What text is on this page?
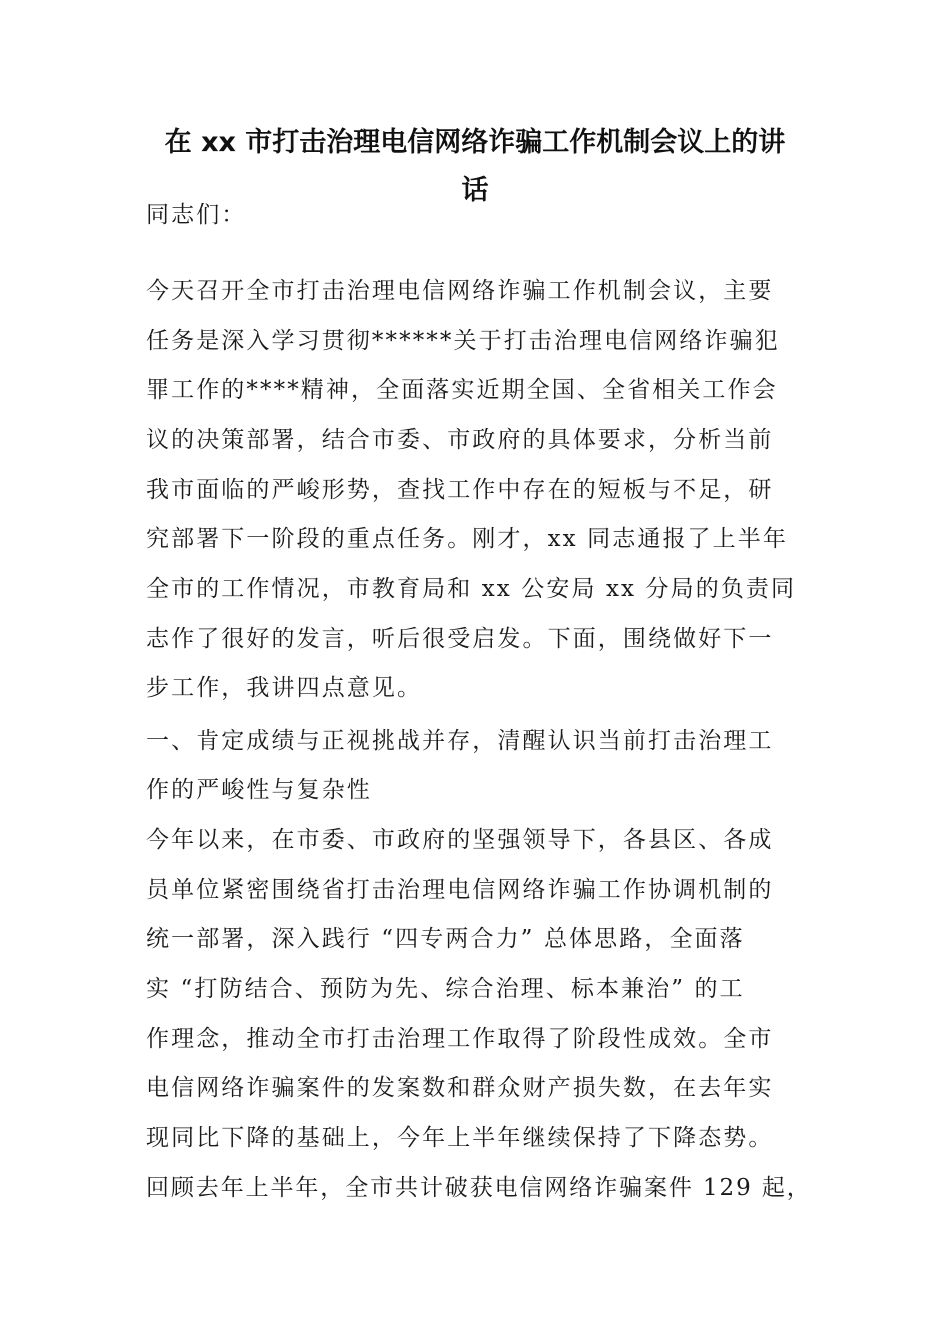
在 xx 市打击治理电信网络诈骗工作机制会议上的讲
话

同志们：

今天召开全市打击治理电信网络诈骗工作机制会议，主要

任务是深入学习贯彻******关于打击治理电信网络诈骗犯

罪工作的****精神，全面落实近期全国、全省相关工作会

议的决策部署，结合市委、市政府的具体要求，分析当前

我市面临的严峻形势，查找工作中存在的短板与不足，研

究部署下一阶段的重点任务。刚才，xx 同志通报了上半年

全市的工作情况，市教育局和 xx 公安局 xx 分局的负责同

志作了很好的发言，听后很受启发。下面，围绕做好下一

步工作，我讲四点意见。

一、肯定成绩与正视挑战并存，清醒认识当前打击治理工

作的严峻性与复杂性

今年以来，在市委、市政府的坚强领导下，各县区、各成

员单位紧密围绕省打击治理电信网络诈骗工作协调机制的

统一部署，深入践行 “四专两合力” 总体思路，全面落

实 “打防结合、预防为先、综合治理、标本兼治” 的工

作理念，推动全市打击治理工作取得了阶段性成效。全市

电信网络诈骗案件的发案数和群众财产损失数，在去年实

现同比下降的基础上，今年上半年继续保持了下降态势。

回顾去年上半年，全市共计破获电信网络诈骗案件 129 起，
